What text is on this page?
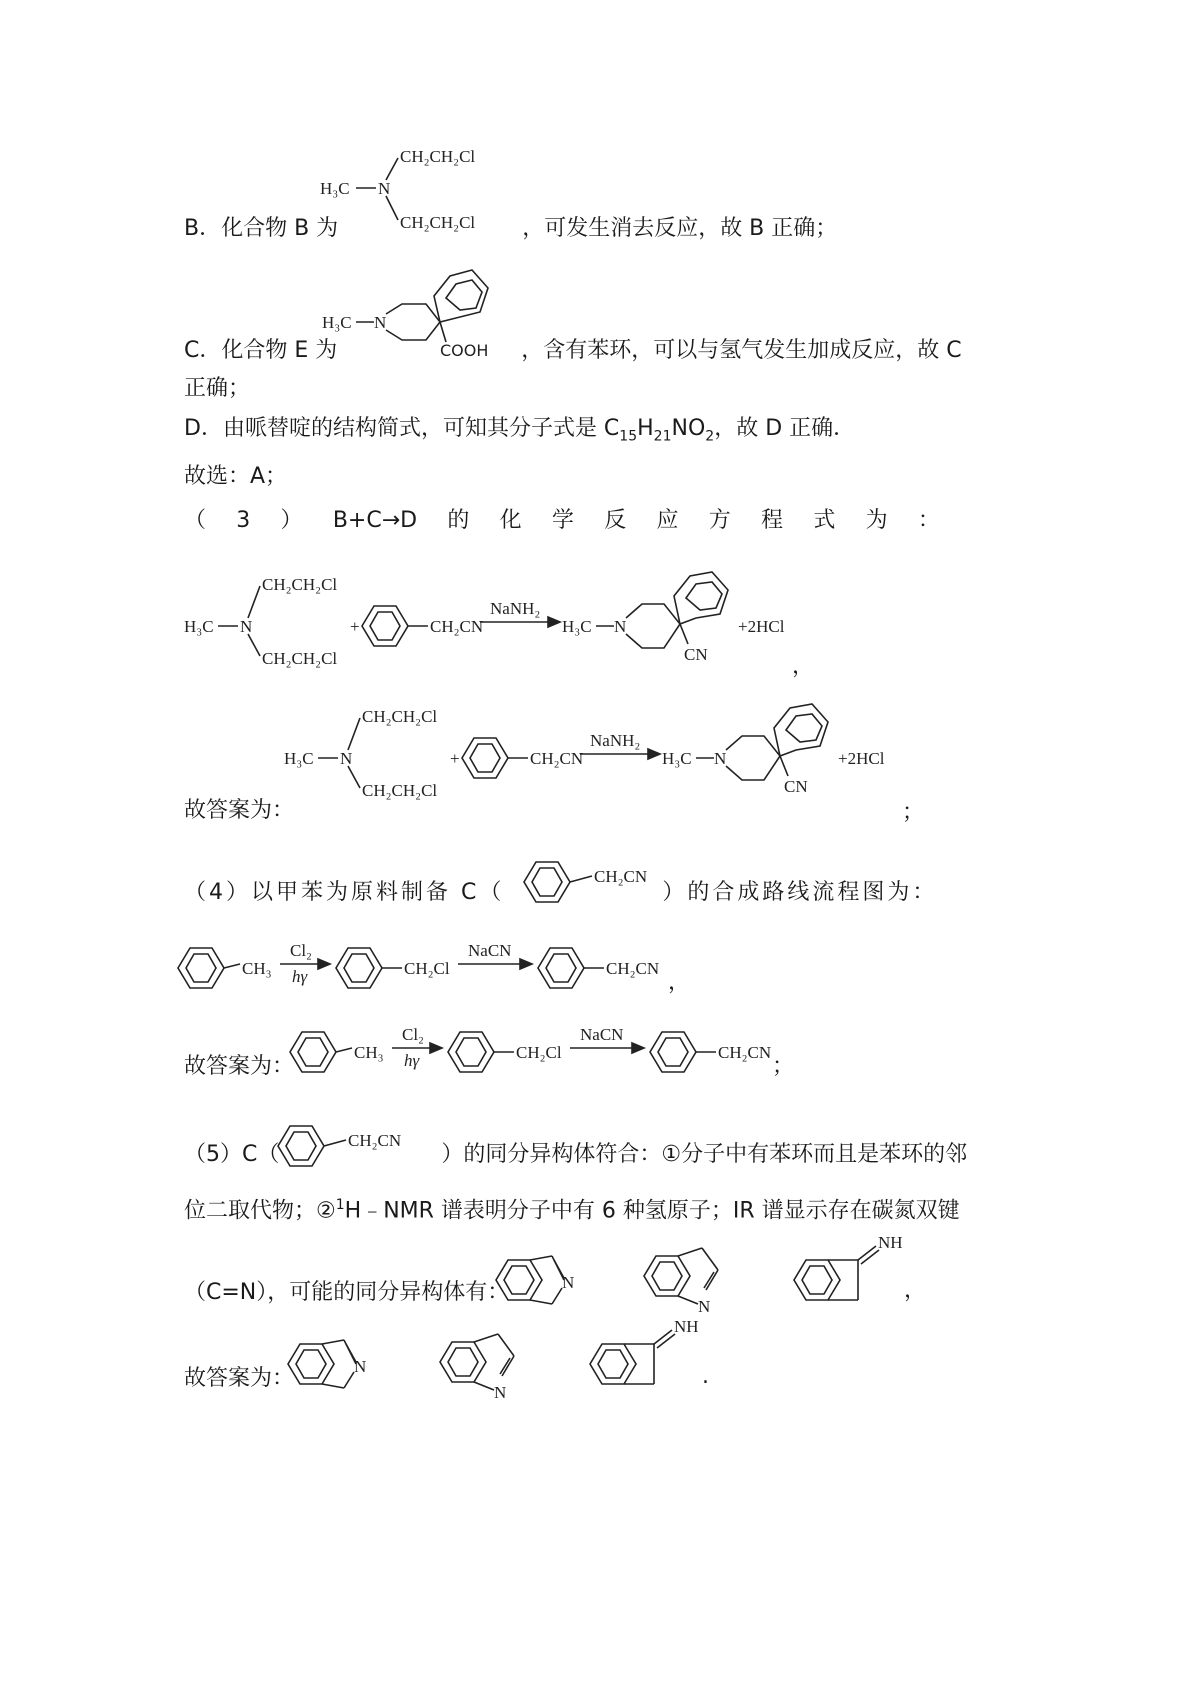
CH₂CH₂Cl
H₃C N
CH₂CH₂Cl
B．化合物 B 为	，可发生消去反应，故 B 正确；
H₃C N
COOH
C．化合物 E 为	，含有苯环，可以与氢气发生加成反应，故 C
正确；
D．由哌替啶的结构简式，可知其分子式是 $C_{15}H_{21}NO_2$，故 D 正确．
故选：A；
（ 3 ） B+C→D 的 化 学 反 应 方 程 式 为 ：
CH₂CH₂Cl
H₃C N
CH₂CH₂Cl
+	CH₂CN
NaNH₂
H₃C N
CN
+2HCl
，
CH₂CH₂Cl
H₃C N
CH₂CH₂Cl
+	CH₂CN
NaNH₂
H₃C N
CN
+2HCl
故答案为：	；
CH₂CN
（4）以甲苯为原料制备 C（	）的合成路线流程图为：
CH₃
Cl₂
hγ	CH₂Cl
NaCN
CH₂CN
，
CH₃
Cl₂
hγ	CH₂Cl
NaCN
CH₂CN
故答案为：	；
CH₂CN
（5）C（	）的同分异构体符合：①分子中有苯环而且是苯环的邻
位二取代物；②$^1$H﹣NMR 谱表明分子中有 6 种氢原子；IR 谱显示存在碳氮双键
N
N
NH
（C=N），可能的同分异构体有：	，
N
N
NH
故答案为：	.
